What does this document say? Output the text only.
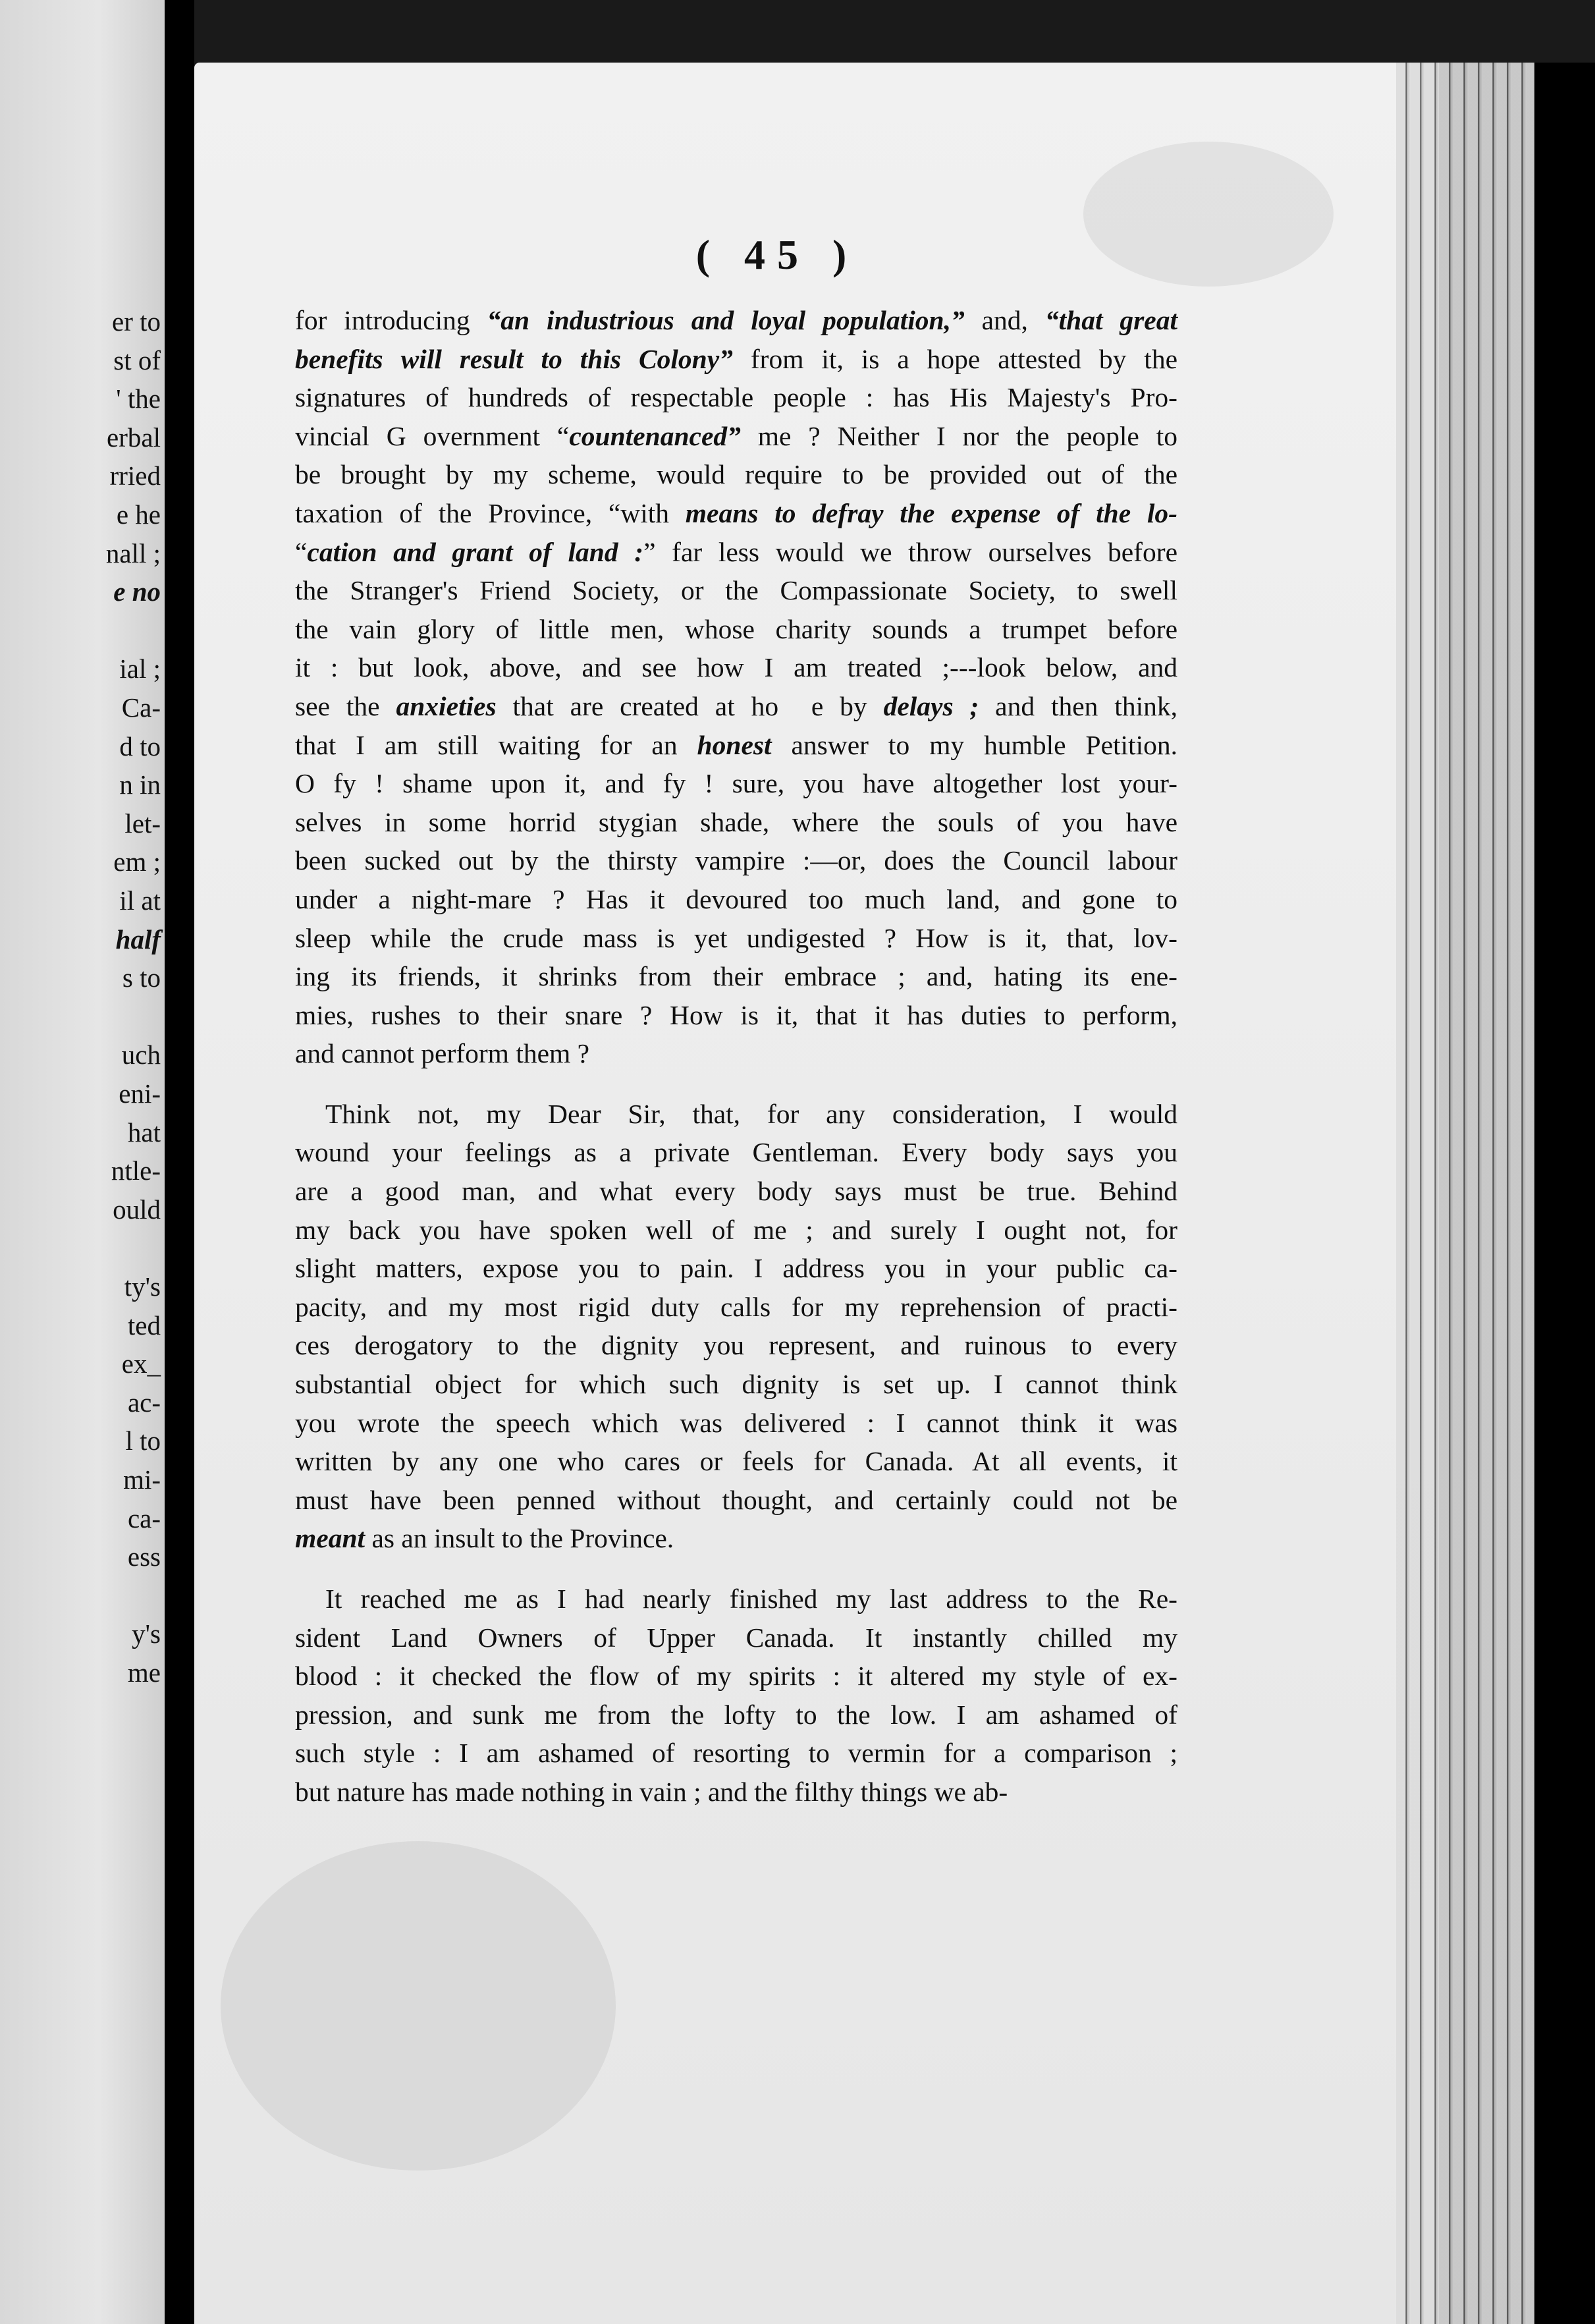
er to
st of
' the
erbal
rried
e he
nall ;
e no
ial ;
Ca-
d to
n in
let-
em ;
il at
half
s to
uch
eni-
hat
ntle-
ould
ty's
ted
ex_
ac-
l to
mi-
ca-
ess
y's
me
( 45 )
for introducing “an industrious and loyal population,” and, “that great
benefits will result to this Colony” from it, is a hope attested by the
signatures of hundreds of respectable people : has His Majesty's Pro-
vincial G overnment “countenanced” me ? Neither I nor the people to
be brought by my scheme, would require to be provided out of the
taxation of the Province, “with means to defray the expense of the lo-
“cation and grant of land :” far less would we throw ourselves before
the Stranger's Friend Society, or the Compassionate Society, to swell
the vain glory of little men, whose charity sounds a trumpet before
it : but look, above, and see how I am treated ;---look below, and
see the anxieties that are created at ho  e by delays ; and then think,
that I am still waiting for an honest answer to my humble Petition.
O fy ! shame upon it, and fy ! sure, you have altogether lost your-
selves in some horrid stygian shade, where the souls of you have
been sucked out by the thirsty vampire :—or, does the Council labour
under a night-mare ? Has it devoured too much land, and gone to
sleep while the crude mass is yet undigested ? How is it, that, lov-
ing its friends, it shrinks from their embrace ; and, hating its ene-
mies, rushes to their snare ? How is it, that it has duties to perform,
and cannot perform them ?
Think not, my Dear Sir, that, for any consideration, I would
wound your feelings as a private Gentleman. Every body says you
are a good man, and what every body says must be true. Behind
my back you have spoken well of me ; and surely I ought not, for
slight matters, expose you to pain. I address you in your public ca-
pacity, and my most rigid duty calls for my reprehension of practi-
ces derogatory to the dignity you represent, and ruinous to every
substantial object for which such dignity is set up. I cannot think
you wrote the speech which was delivered : I cannot think it was
written by any one who cares or feels for Canada. At all events, it
must have been penned without thought, and certainly could not be
meant as an insult to the Province.
It reached me as I had nearly finished my last address to the Re-
sident Land Owners of Upper Canada. It instantly chilled my
blood : it checked the flow of my spirits : it altered my style of ex-
pression, and sunk me from the lofty to the low. I am ashamed of
such style : I am ashamed of resorting to vermin for a comparison ;
but nature has made nothing in vain ; and the filthy things we ab-
